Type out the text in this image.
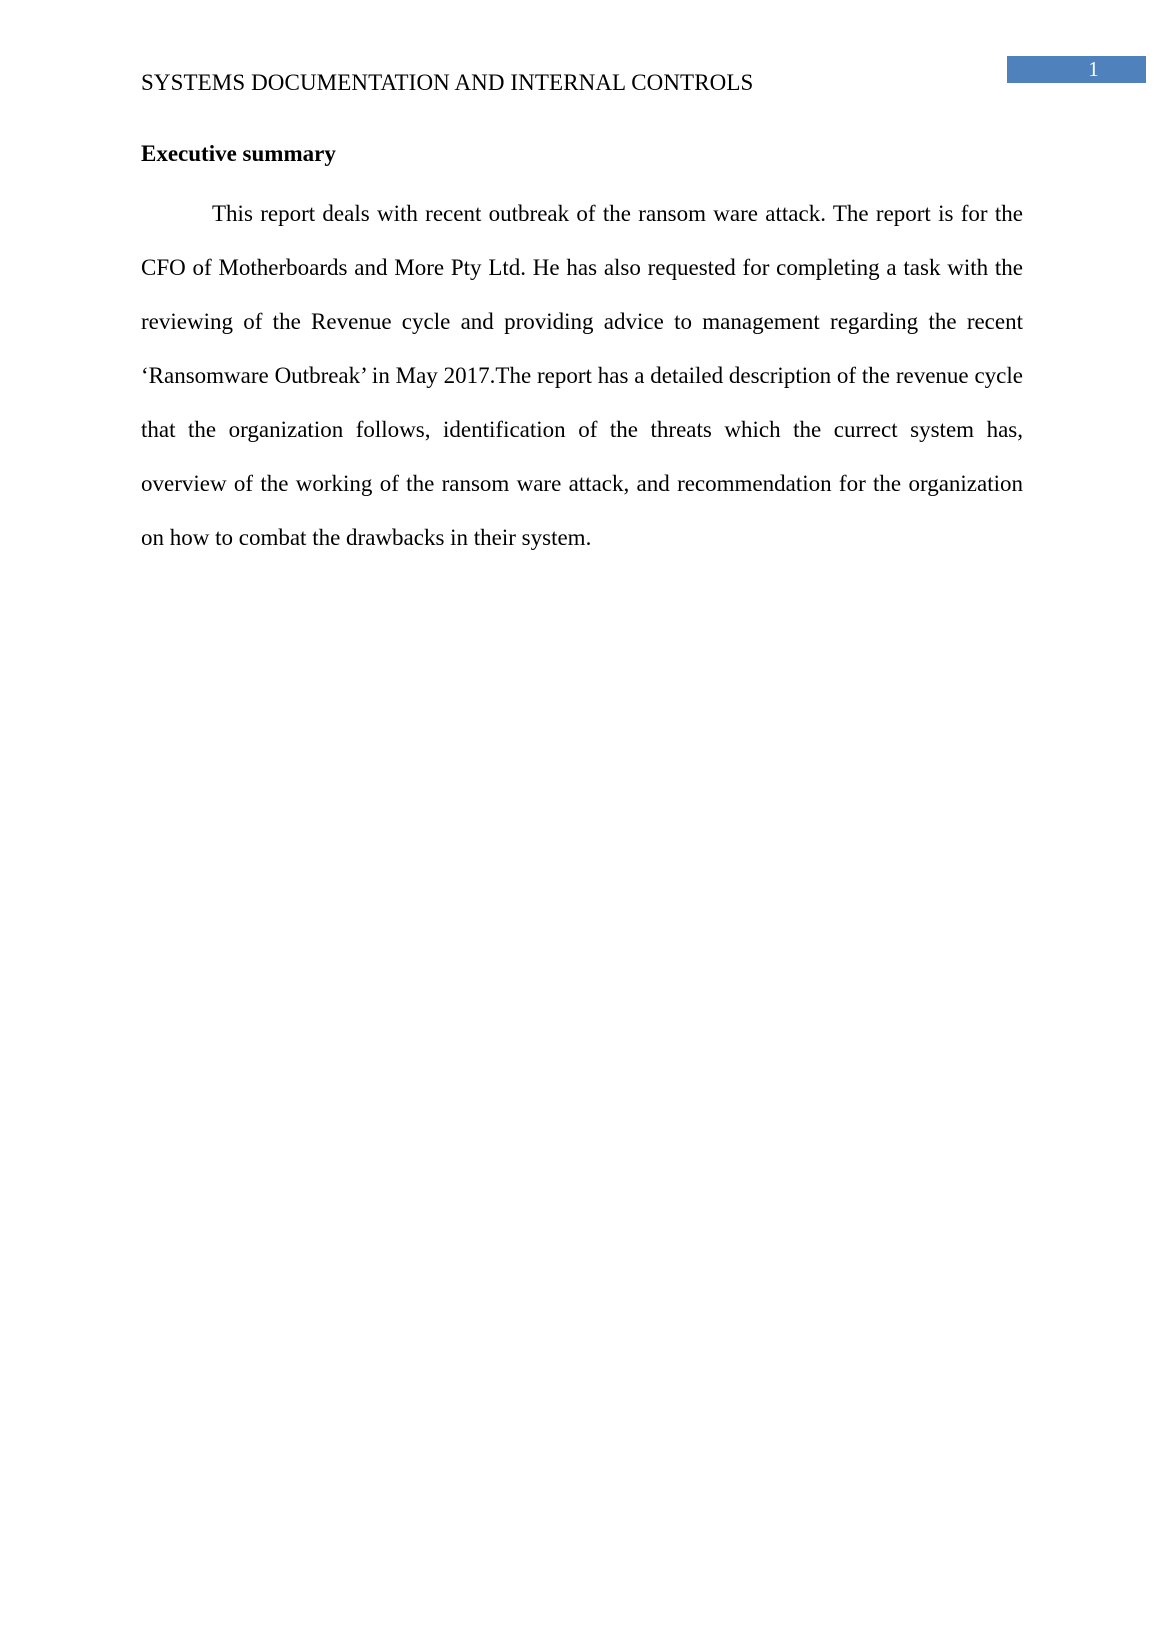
1
SYSTEMS DOCUMENTATION AND INTERNAL CONTROLS
Executive summary

This report deals with recent outbreak of the ransom ware attack. The report is for the CFO of Motherboards and More Pty Ltd. He has also requested for completing a task with the reviewing of the Revenue cycle and providing advice to management regarding the recent ‘Ransomware Outbreak’ in May 2017.The report has a detailed description of the revenue cycle that the organization follows, identification of the threats which the currect system has, overview of the working of the ransom ware attack, and recommendation for the organization on how to combat the drawbacks in their system.
